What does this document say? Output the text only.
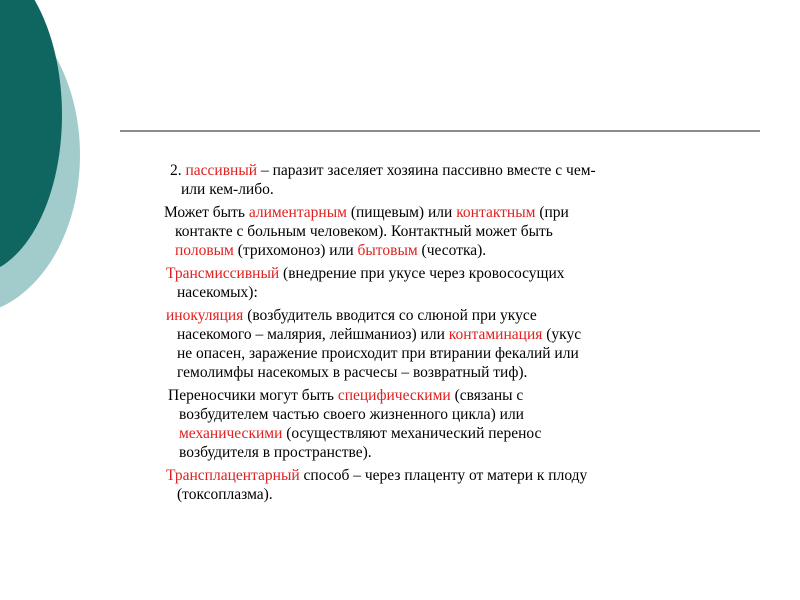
2. пассивный – паразит заселяет хозяина пассивно вместе с чем-
или кем-либо.

Может быть алиментарным (пищевым) или контактным (при
контакте с больным человеком). Контактный может быть
половым (трихомоноз) или бытовым (чесотка).

Трансмиссивный (внедрение при укусе через кровососущих
насекомых):

инокуляция (возбудитель вводится со слюной при укусе
насекомого – малярия, лейшманиоз) или контаминация (укус
не опасен, заражение происходит при втирании фекалий или
гемолимфы насекомых в расчесы – возвратный тиф).

Переносчики могут быть специфическими (связаны с
возбудителем частью своего жизненного цикла) или
механическими (осуществляют механический перенос
возбудителя в пространстве).

Трансплацентарный способ – через плаценту от матери к плоду
(токсоплазма).
